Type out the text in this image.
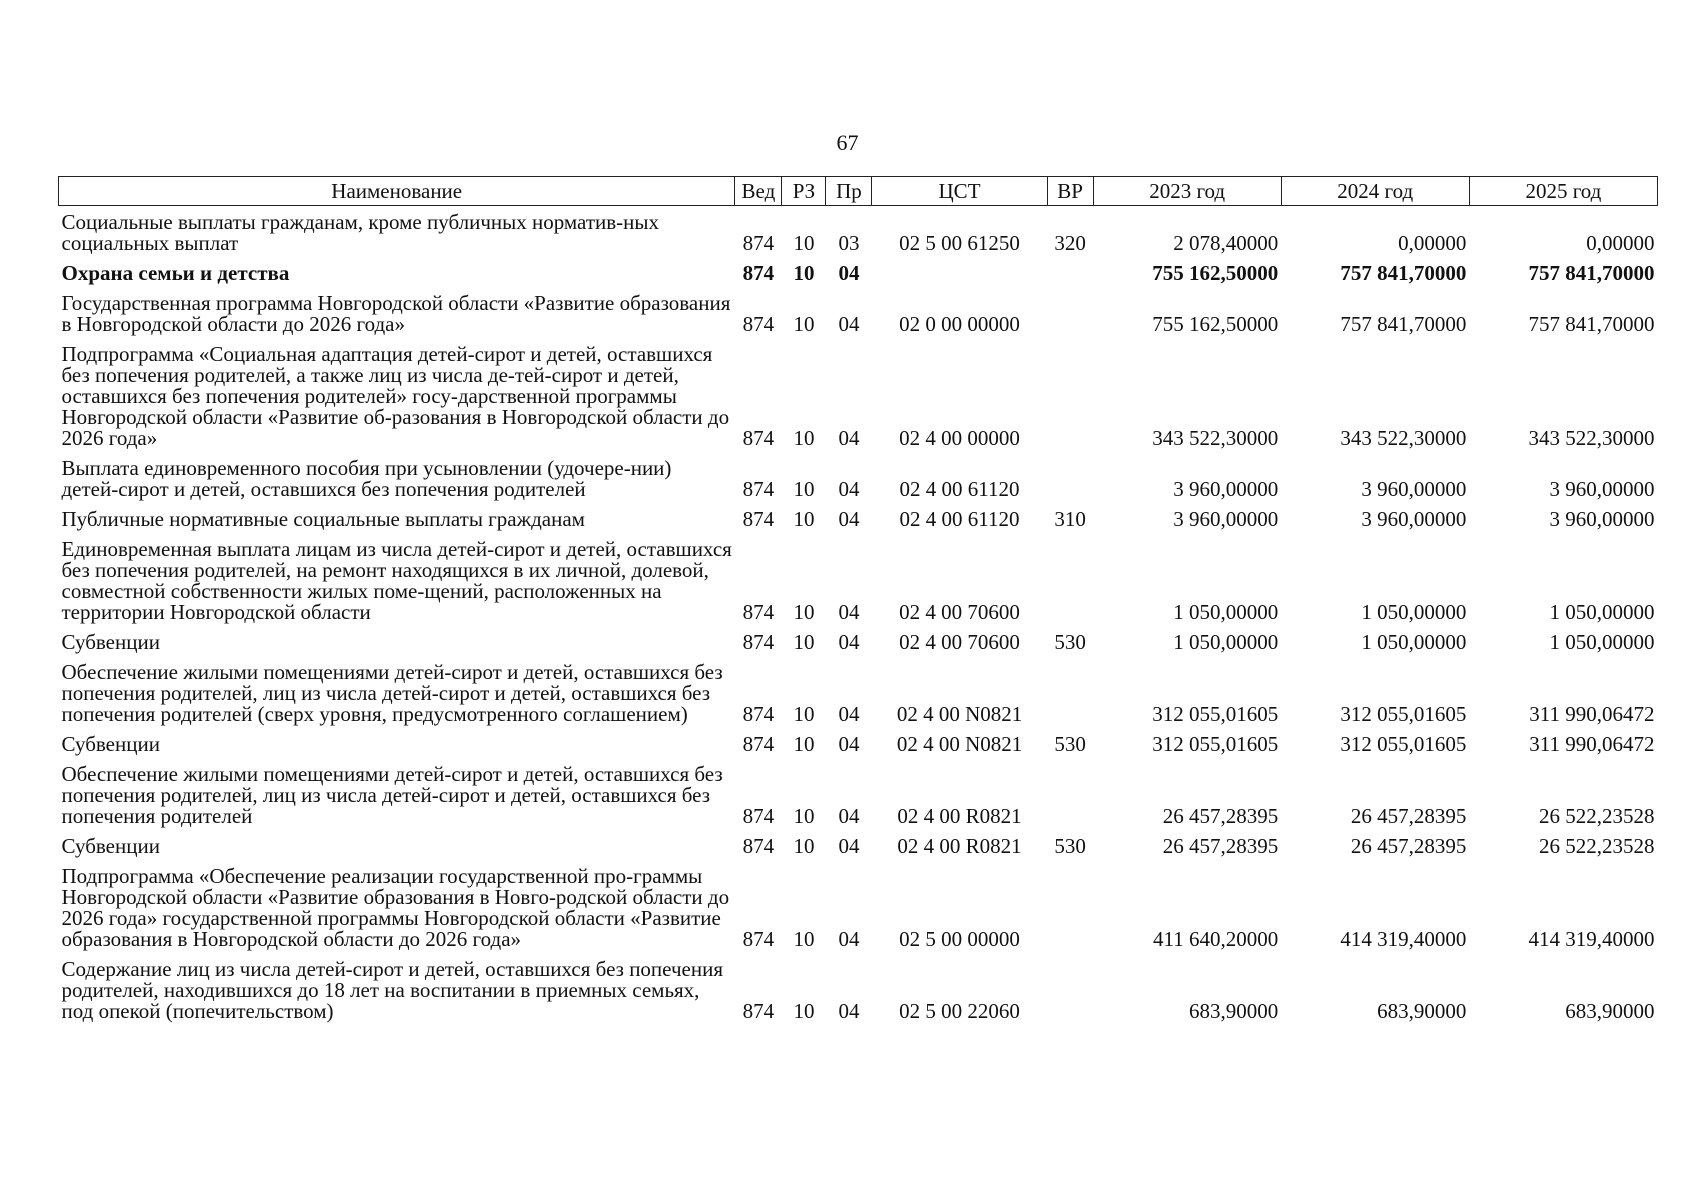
67
Наименование	Вед	РЗ	Пр	ЦСТ	ВР	2023 год	2024 год	2025 год
Социальные выплаты гражданам, кроме публичных норматив-ных социальных выплат	874	10	03	02 5 00 61250	320	2 078,40000	0,00000	0,00000
Охрана семьи и детства	874	10	04			755 162,50000	757 841,70000	757 841,70000
Государственная программа Новгородской области «Развитие образования в Новгородской области до 2026 года»	874	10	04	02 0 00 00000		755 162,50000	757 841,70000	757 841,70000
Подпрограмма «Социальная адаптация детей-сирот и детей, оставшихся без попечения родителей, а также лиц из числа де-тей-сирот и детей, оставшихся без попечения родителей» госу-дарственной программы Новгородской области «Развитие об-разования в Новгородской области до 2026 года»	874	10	04	02 4 00 00000		343 522,30000	343 522,30000	343 522,30000
Выплата единовременного пособия при усыновлении (удочере-нии) детей-сирот и детей, оставшихся без попечения родителей	874	10	04	02 4 00 61120		3 960,00000	3 960,00000	3 960,00000
Публичные нормативные социальные выплаты гражданам	874	10	04	02 4 00 61120	310	3 960,00000	3 960,00000	3 960,00000
Единовременная выплата лицам из числа детей-сирот и детей, оставшихся без попечения родителей, на ремонт находящихся в их личной, долевой, совместной собственности жилых поме-щений, расположенных на территории Новгородской области	874	10	04	02 4 00 70600		1 050,00000	1 050,00000	1 050,00000
Субвенции	874	10	04	02 4 00 70600	530	1 050,00000	1 050,00000	1 050,00000
Обеспечение жилыми помещениями детей-сирот и детей, оставшихся без попечения родителей, лиц из числа детей-сирот и детей, оставшихся без попечения родителей (сверх уровня, предусмотренного соглашением)	874	10	04	02 4 00 N0821		312 055,01605	312 055,01605	311 990,06472
Субвенции	874	10	04	02 4 00 N0821	530	312 055,01605	312 055,01605	311 990,06472
Обеспечение жилыми помещениями детей-сирот и детей, оставшихся без попечения родителей, лиц из числа детей-сирот и детей, оставшихся без попечения родителей	874	10	04	02 4 00 R0821		26 457,28395	26 457,28395	26 522,23528
Субвенции	874	10	04	02 4 00 R0821	530	26 457,28395	26 457,28395	26 522,23528
Подпрограмма «Обеспечение реализации государственной про-граммы Новгородской области «Развитие образования в Новго-родской области до 2026 года» государственной программы Новгородской области «Развитие образования в Новгородской области до 2026 года»	874	10	04	02 5 00 00000		411 640,20000	414 319,40000	414 319,40000
Содержание лиц из числа детей-сирот и детей, оставшихся без попечения родителей, находившихся до 18 лет на воспитании в приемных семьях, под опекой (попечительством)	874	10	04	02 5 00 22060		683,90000	683,90000	683,90000
